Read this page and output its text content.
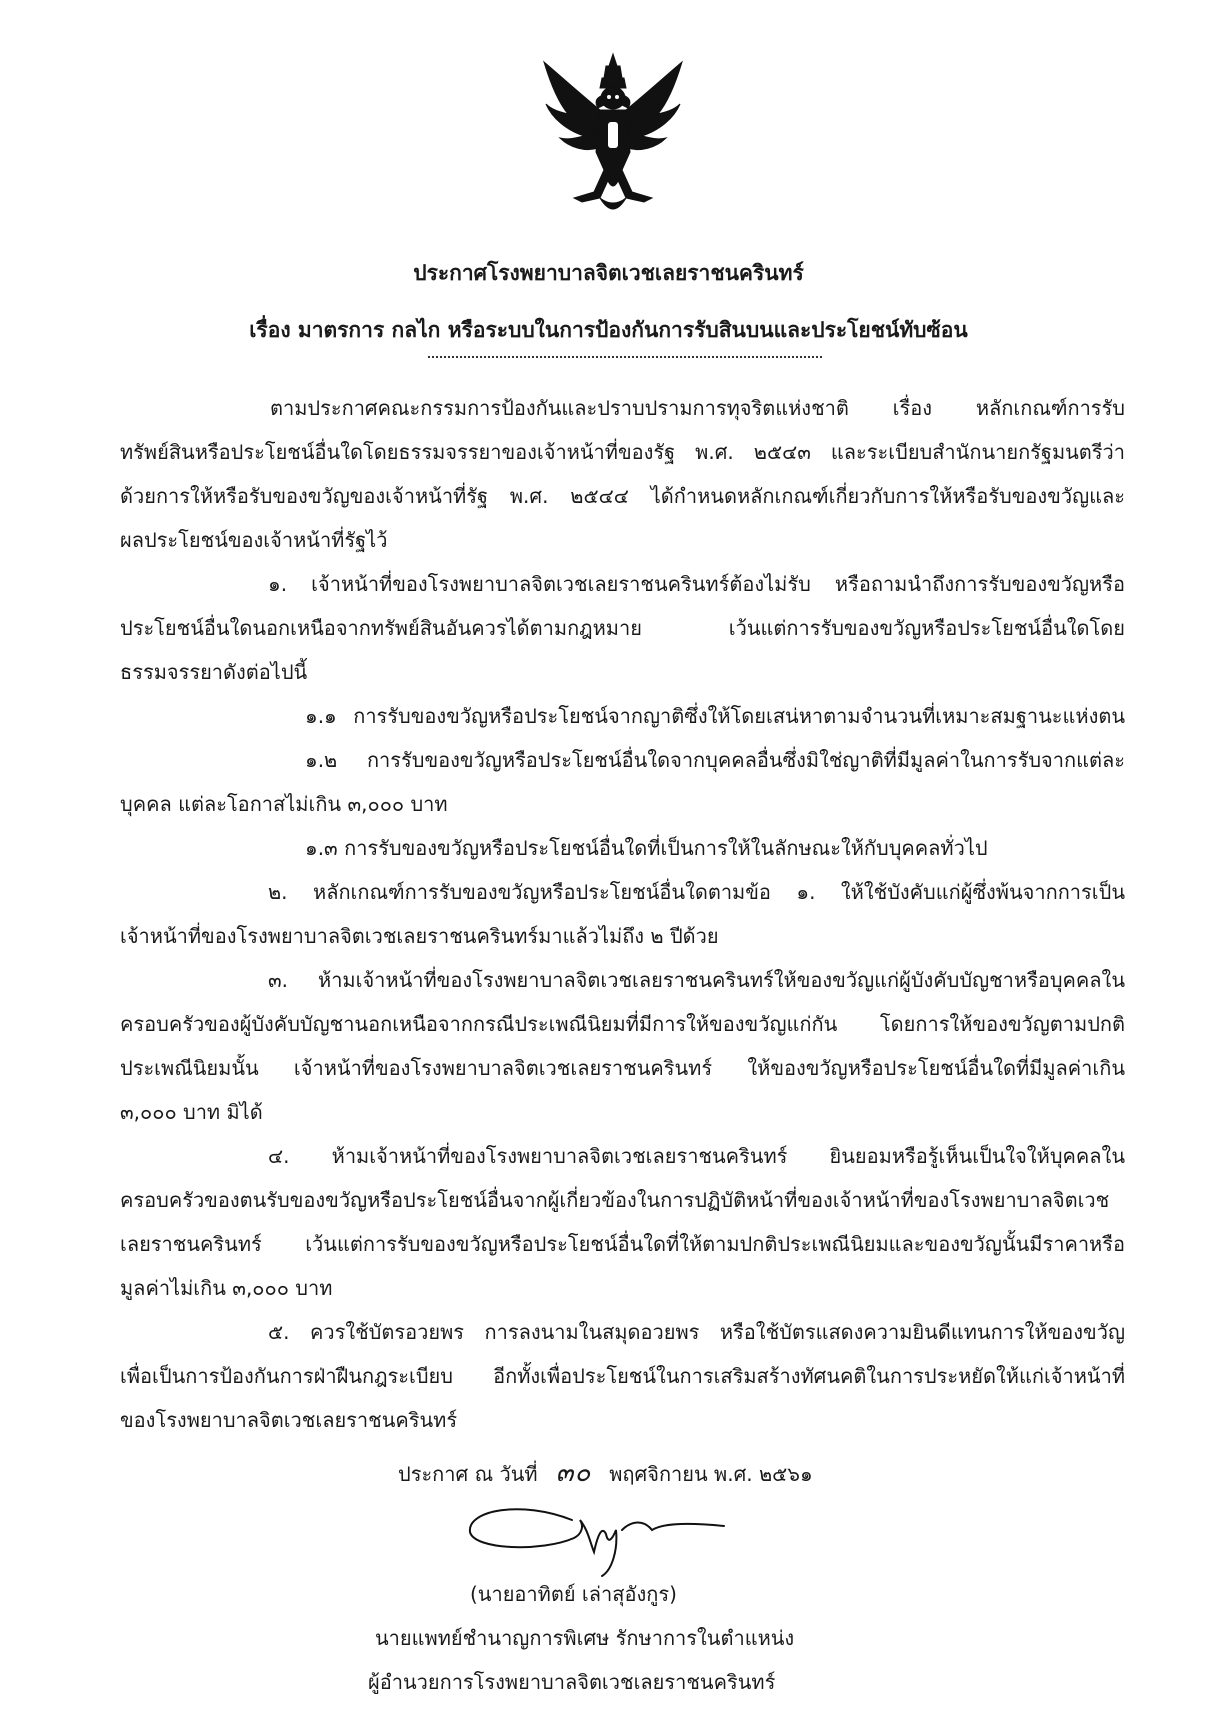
ประกาศโรงพยาบาลจิตเวชเลยราชนครินทร์
เรื่อง มาตรการ กลไก หรือระบบในการป้องกันการรับสินบนและประโยชน์ทับซ้อน
ตามประกาศคณะกรรมการป้องกันและปราบปรามการทุจริตแห่งชาติ เรื่อง หลักเกณฑ์การรับ
ทรัพย์สินหรือประโยชน์อื่นใดโดยธรรมจรรยาของเจ้าหน้าที่ของรัฐ พ.ศ. ๒๕๔๓ และระเบียบสำนักนายกรัฐมนตรีว่า
ด้วยการให้หรือรับของขวัญของเจ้าหน้าที่รัฐ พ.ศ. ๒๕๔๔ ได้กำหนดหลักเกณฑ์เกี่ยวกับการให้หรือรับของขวัญและ
ผลประโยชน์ของเจ้าหน้าที่รัฐไว้
๑. เจ้าหน้าที่ของโรงพยาบาลจิตเวชเลยราชนครินทร์ต้องไม่รับ หรือถามนำถึงการรับของขวัญหรือ
ประโยชน์อื่นใดนอกเหนือจากทรัพย์สินอันควรได้ตามกฎหมาย เว้นแต่การรับของขวัญหรือประโยชน์อื่นใดโดย
ธรรมจรรยาดังต่อไปนี้
๑.๑ การรับของขวัญหรือประโยชน์จากญาติซึ่งให้โดยเสน่หาตามจำนวนที่เหมาะสมฐานะแห่งตน
๑.๒ การรับของขวัญหรือประโยชน์อื่นใดจากบุคคลอื่นซึ่งมิใช่ญาติที่มีมูลค่าในการรับจากแต่ละ
บุคคล แต่ละโอกาสไม่เกิน ๓,๐๐๐ บาท
๑.๓ การรับของขวัญหรือประโยชน์อื่นใดที่เป็นการให้ในลักษณะให้กับบุคคลทั่วไป
๒. หลักเกณฑ์การรับของขวัญหรือประโยชน์อื่นใดตามข้อ ๑. ให้ใช้บังคับแก่ผู้ซึ่งพ้นจากการเป็น
เจ้าหน้าที่ของโรงพยาบาลจิตเวชเลยราชนครินทร์มาแล้วไม่ถึง ๒ ปีด้วย
๓. ห้ามเจ้าหน้าที่ของโรงพยาบาลจิตเวชเลยราชนครินทร์ให้ของขวัญแก่ผู้บังคับบัญชาหรือบุคคลใน
ครอบครัวของผู้บังคับบัญชานอกเหนือจากกรณีประเพณีนิยมที่มีการให้ของขวัญแก่กัน โดยการให้ของขวัญตามปกติ
ประเพณีนิยมนั้น เจ้าหน้าที่ของโรงพยาบาลจิตเวชเลยราชนครินทร์ ให้ของขวัญหรือประโยชน์อื่นใดที่มีมูลค่าเกิน
๓,๐๐๐ บาท มิได้
๔. ห้ามเจ้าหน้าที่ของโรงพยาบาลจิตเวชเลยราชนครินทร์ ยินยอมหรือรู้เห็นเป็นใจให้บุคคลใน
ครอบครัวของตนรับของขวัญหรือประโยชน์อื่นจากผู้เกี่ยวข้องในการปฏิบัติหน้าที่ของเจ้าหน้าที่ของโรงพยาบาลจิตเวช
เลยราชนครินทร์ เว้นแต่การรับของขวัญหรือประโยชน์อื่นใดที่ให้ตามปกติประเพณีนิยมและของขวัญนั้นมีราคาหรือ
มูลค่าไม่เกิน ๓,๐๐๐ บาท
๕. ควรใช้บัตรอวยพร การลงนามในสมุดอวยพร หรือใช้บัตรแสดงความยินดีแทนการให้ของขวัญ
เพื่อเป็นการป้องกันการฝ่าฝืนกฎระเบียบ อีกทั้งเพื่อประโยชน์ในการเสริมสร้างทัศนคติในการประหยัดให้แก่เจ้าหน้าที่
ของโรงพยาบาลจิตเวชเลยราชนครินทร์
ประกาศ ณ วันที่ ๓๐ พฤศจิกายน พ.ศ. ๒๕๖๑
(นายอาทิตย์ เล่าสุอังกูร)
นายแพทย์ชำนาญการพิเศษ รักษาการในตำแหน่ง
ผู้อำนวยการโรงพยาบาลจิตเวชเลยราชนครินทร์
